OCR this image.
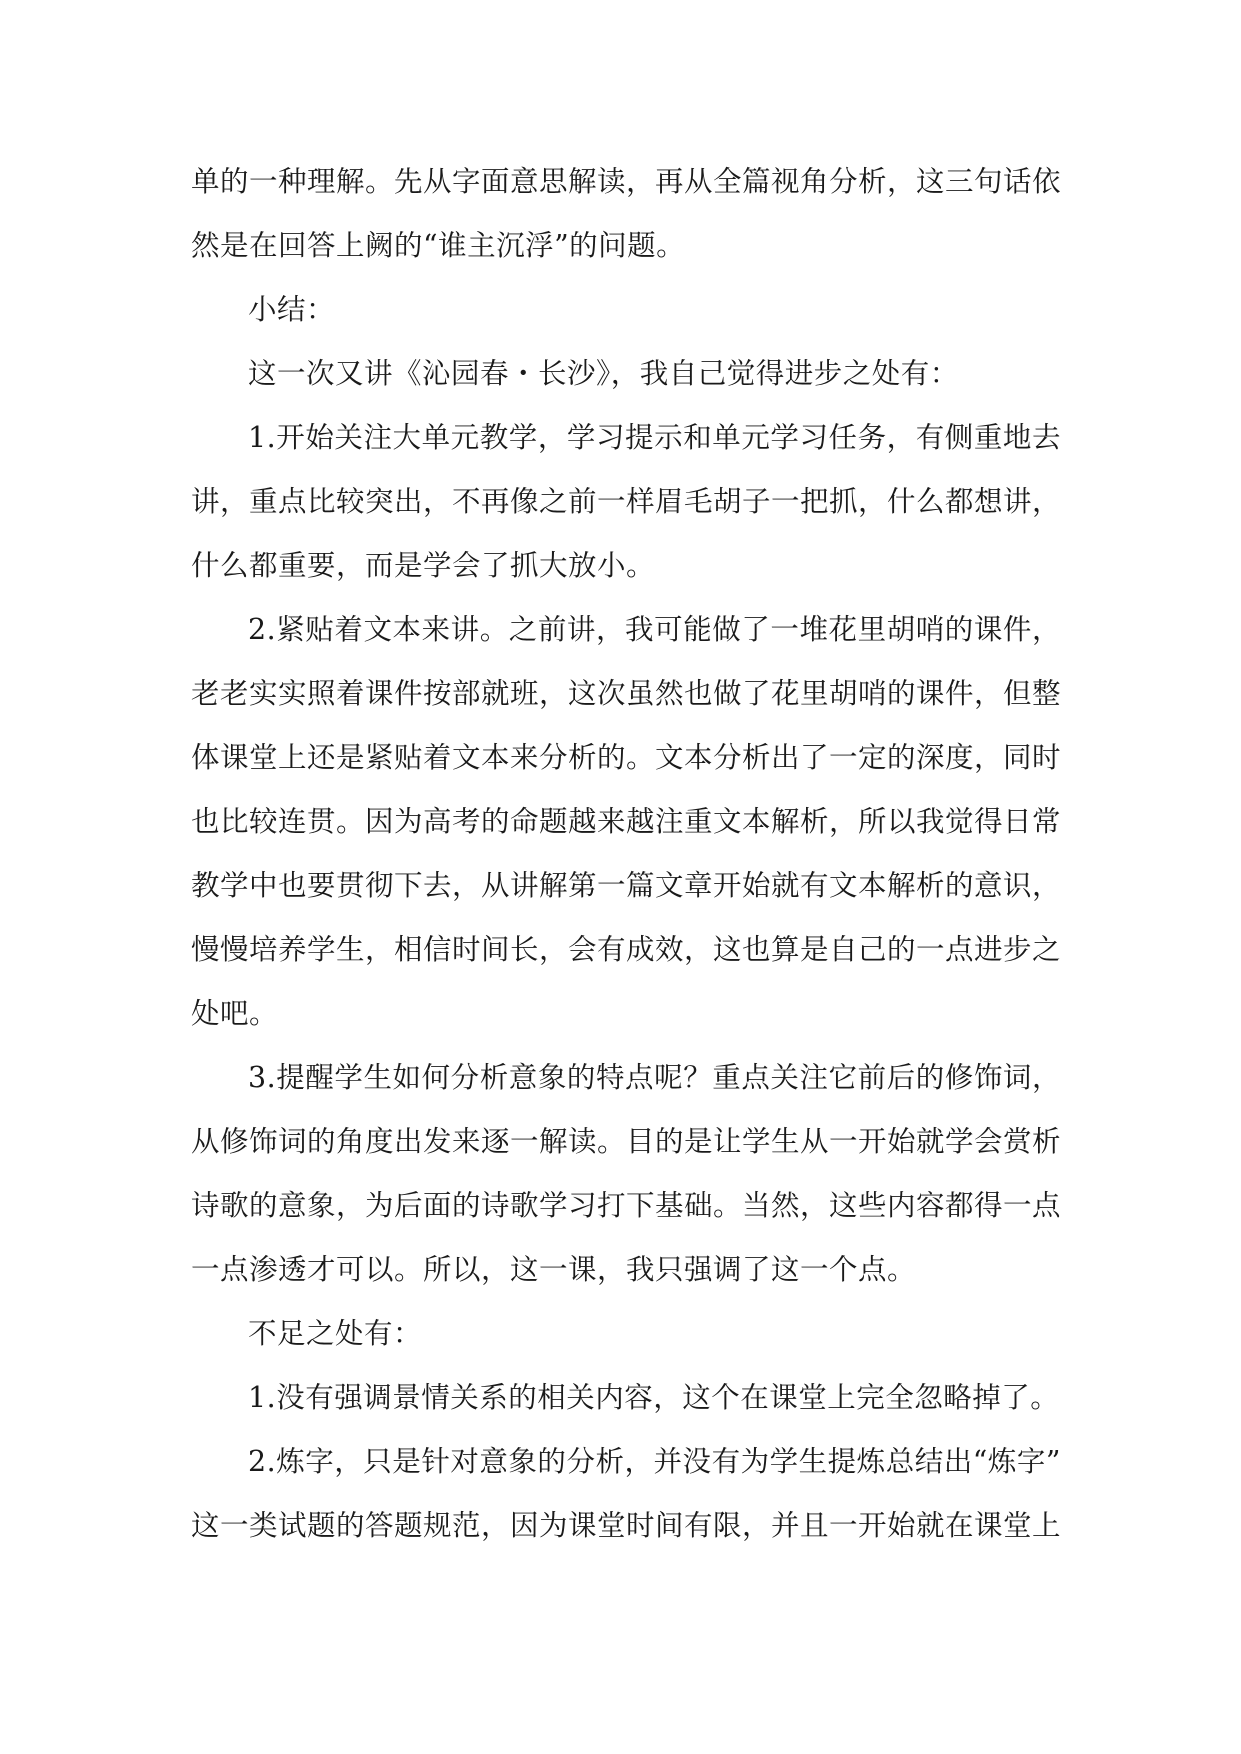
单的一种理解。先从字面意思解读，再从全篇视角分析，这三句话依
然是在回答上阙的“谁主沉浮”的问题。
小结：
这一次又讲《沁园春・长沙》，我自己觉得进步之处有：
1.开始关注大单元教学，学习提示和单元学习任务，有侧重地去
讲，重点比较突出，不再像之前一样眉毛胡子一把抓，什么都想讲，
什么都重要，而是学会了抓大放小。
2.紧贴着文本来讲。之前讲，我可能做了一堆花里胡哨的课件，
老老实实照着课件按部就班，这次虽然也做了花里胡哨的课件，但整
体课堂上还是紧贴着文本来分析的。文本分析出了一定的深度，同时
也比较连贯。因为高考的命题越来越注重文本解析，所以我觉得日常
教学中也要贯彻下去，从讲解第一篇文章开始就有文本解析的意识，
慢慢培养学生，相信时间长，会有成效，这也算是自己的一点进步之
处吧。
3.提醒学生如何分析意象的特点呢？重点关注它前后的修饰词，
从修饰词的角度出发来逐一解读。目的是让学生从一开始就学会赏析
诗歌的意象，为后面的诗歌学习打下基础。当然，这些内容都得一点
一点渗透才可以。所以，这一课，我只强调了这一个点。
不足之处有：
1.没有强调景情关系的相关内容，这个在课堂上完全忽略掉了。
2.炼字，只是针对意象的分析，并没有为学生提炼总结出“炼字”
这一类试题的答题规范，因为课堂时间有限，并且一开始就在课堂上
